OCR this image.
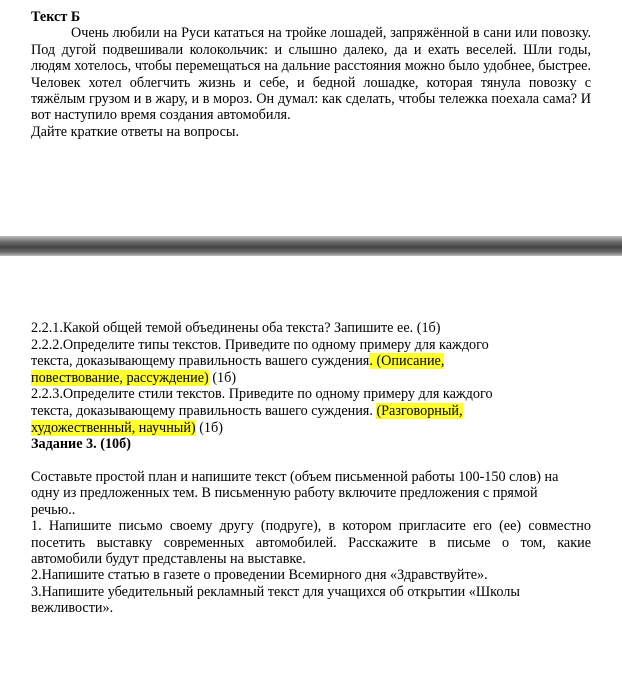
Текст Б
Очень любили на Руси кататься на тройке лошадей, запряжённой в сани или повозку. Под дугой подвешивали колокольчик: и слышно далеко, да и ехать веселей. Шли годы, людям хотелось, чтобы перемещаться на дальние расстояния можно было удобнее, быстрее. Человек хотел облегчить жизнь и себе, и бедной лошадке, которая тянула повозку с тяжёлым грузом и в жару, и в мороз. Он думал: как сделать, чтобы тележка поехала сама? И вот наступило время создания автомобиля.
Дайте краткие ответы на вопросы.
2.2.1.Какой общей темой объединены оба текста? Запишите ее. (1б)
2.2.2.Определите типы текстов. Приведите по одному примеру для каждого
текста, доказывающему правильность вашего суждения. (Описание,
повествование, рассуждение) (1б)
2.2.3.Определите стили текстов. Приведите по одному примеру для каждого
текста, доказывающему правильность вашего суждения. (Разговорный,
художественный, научный) (1б)
Задание 3. (10б)
Составьте простой план и напишите текст (объем письменной работы 100-150 слов) на
одну из предложенных тем. В письменную работу включите предложения с прямой
речью..
1. Напишите письмо своему другу (подруге), в котором пригласите его (ее) совместно посетить выставку современных автомобилей. Расскажите в письме о том, какие автомобили будут представлены на выставке.
2.Напишите статью в газете о проведении Всемирного дня «Здравствуйте».
3.Напишите убедительный рекламный текст для учащихся об открытии «Школы
вежливости».
